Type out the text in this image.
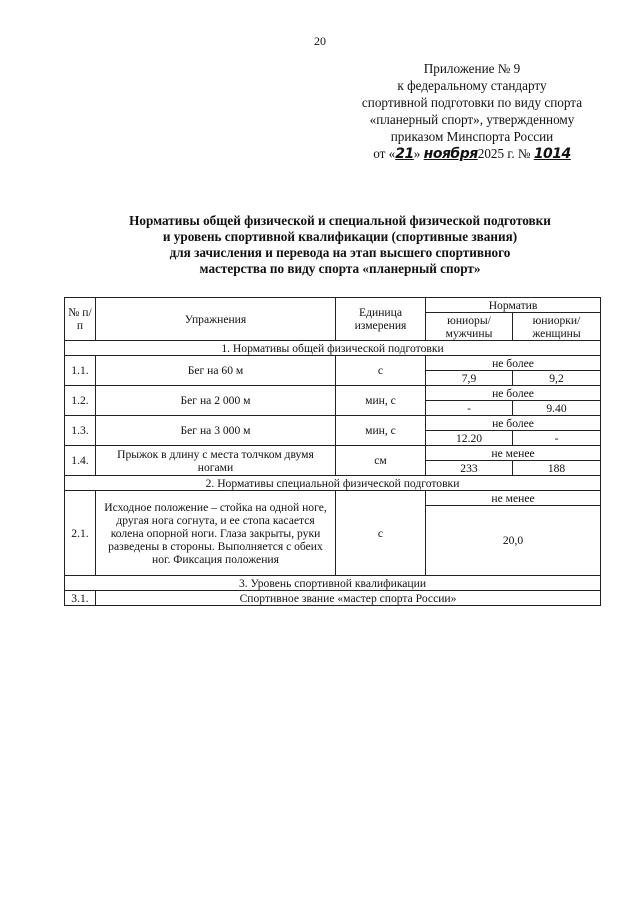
20
Приложение № 9
к федеральному стандарту
спортивной подготовки по виду спорта
«планерный спорт», утвержденному
приказом Минспорта России
от «21» ноября2025 г. № 1014
Нормативы общей физической и специальной физической подготовки
и уровень спортивной квалификации (спортивные звания)
для зачисления и перевода на этап высшего спортивного
мастерства по виду спорта «планерный спорт»
№ п/п	Упражнения	Единица измерения	Норматив	
			юниоры/ мужчины	юниорки/ женщины
1. Нормативы общей физической подготовки				
1.1.	Бег на 60 м	с	не более	
			7,9	9,2
1.2.	Бег на 2 000 м	мин, с	не более	
			-	9.40
1.3.	Бег на 3 000 м	мин, с	не более	
			12.20	-
1.4.	Прыжок в длину с места толчком двумя ногами	см	не менее	
			233	188
2. Нормативы специальной физической подготовки				
2.1.	Исходное положение – стойка на одной ноге, другая нога согнута, и ее стопа касается колена опорной ноги. Глаза закрыты, руки разведены в стороны. Выполняется с обеих ног. Фиксация положения	с	не менее	
			20,0	
3. Уровень спортивной квалификации				
3.1.	Спортивное звание «мастер спорта России»			
